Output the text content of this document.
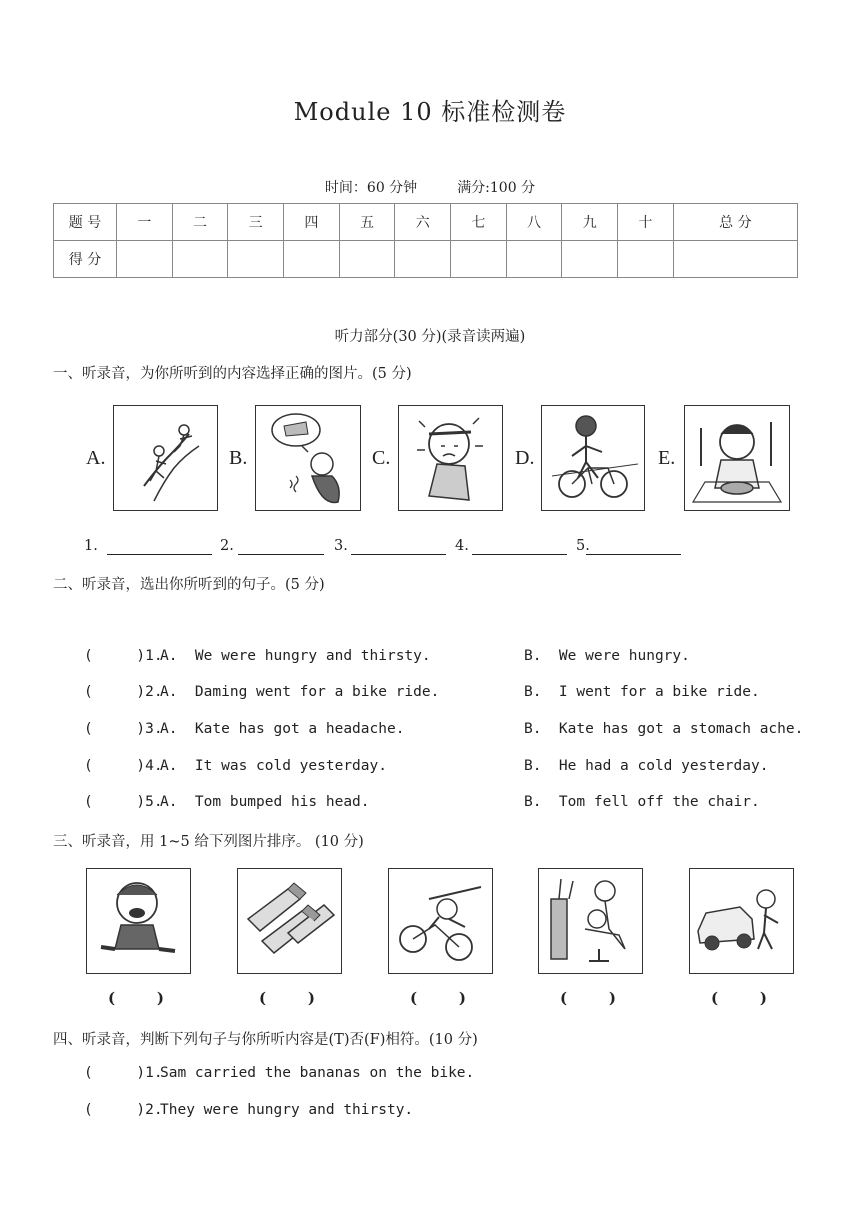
Module 10 标准检测卷
时间：60 分钟	满分:100 分
题 号	一	二	三	四	五	六	七	八	九	十	总 分
得 分											
听力部分(30 分)(录音读两遍)
一、听录音，为你所听到的内容选择正确的图片。(5 分)
A.	B.	C.	D.	E.
1.	2.	3.	4.	5.
二、听录音，选出你所听到的句子。(5 分)
(     )1.
A.  We were hungry and thirsty.	B.  We were hungry.
(     )2.
A.  Daming went for a bike ride.	B.  I went for a bike ride.
(     )3.
A.  Kate has got a headache.	B.  Kate has got a stomach ache.
(     )4.
A.  It was cold yesterday.	B.  He had a cold yesterday.
(     )5.
A.  Tom bumped his head.	B.  Tom fell off the chair.
三、听录音，用 1~5 给下列图片排序。 (10 分)
(        )	(        )	(        )	(        )	(        )
四、听录音，判断下列句子与你所听内容是(T)否(F)相符。(10 分)
(     )1.
Sam carried the bananas on the bike.
(     )2.
They were hungry and thirsty.
